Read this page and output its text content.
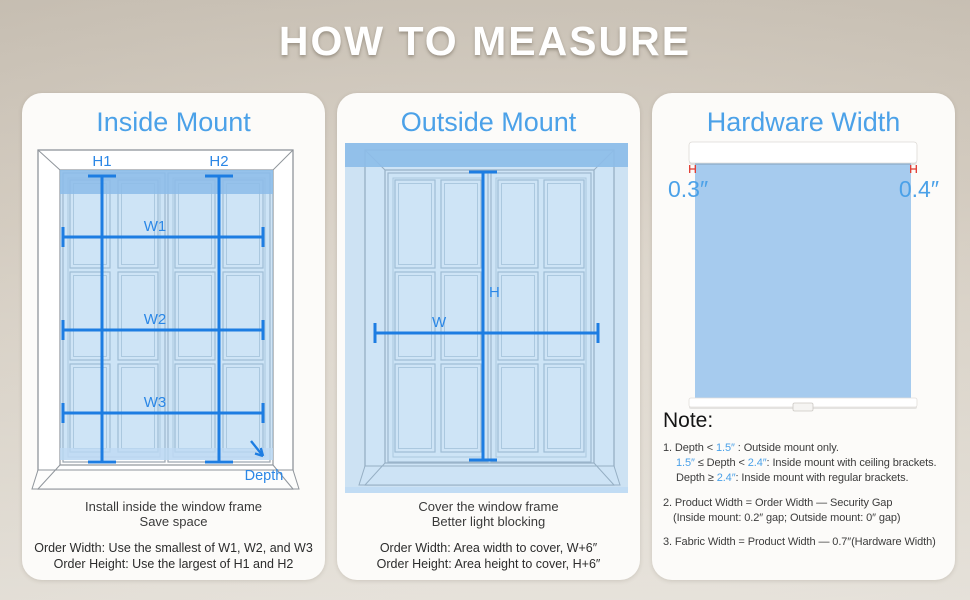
HOW TO MEASURE
Inside Mount
H1	H2
W1
W2
W3
Depth
Install inside the window frame
Save space
Order Width: Use the smallest of W1, W2, and W3
Order Height: Use the largest of H1 and H2
Outside Mount
H
W
Cover the window frame
Better light blocking
Order Width: Area width to cover, W+6″
Order Height: Area height to cover, H+6″
Hardware Width
0.3″	0.4″
Note:
1. Depth < 1.5″ : Outside mount only.
1.5″ ≤ Depth < 2.4″: Inside mount with ceiling brackets.
Depth ≥ 2.4″: Inside mount with regular brackets.
2. Product Width = Order Width — Security Gap
(Inside mount: 0.2″ gap; Outside mount: 0″ gap)
3. Fabric Width = Product Width — 0.7″(Hardware Width)
